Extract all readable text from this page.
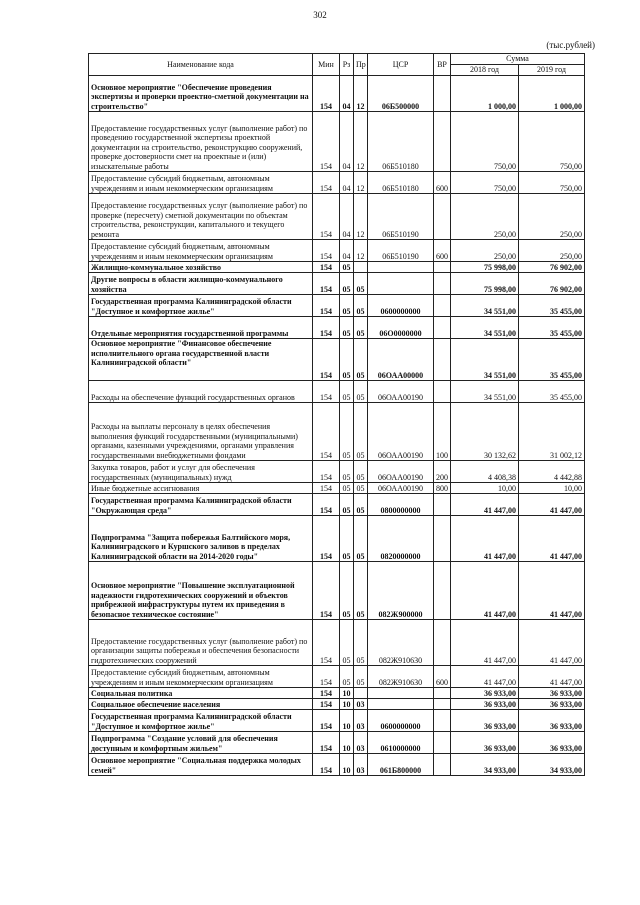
302
(тыс.рублей)
Наименование кода	Мин	Рз	Пр	ЦСР	ВР	Сумма	
						2018 год	2019 год
Основное мероприятие "Обеспечение проведения экспертизы и проверки проектно-сметной документации на строительство"	154	04	12	06Б500000		1 000,00	1 000,00
Предоставление государственных услуг (выполнение работ) по проведению государственной экспертизы проектной документации на строительство, реконструкцию сооружений, проверке достоверности смет на проектные и (или) изыскательные работы	154	04	12	06Б510180		750,00	750,00
Предоставление субсидий бюджетным, автономным учреждениям и иным некоммерческим организациям	154	04	12	06Б510180	600	750,00	750,00
Предоставление государственных услуг (выполнение работ) по проверке (пересчету) сметной документации по объектам строительства, реконструкции, капитального и текущего ремонта	154	04	12	06Б510190		250,00	250,00
Предоставление субсидий бюджетным, автономным учреждениям и иным некоммерческим организациям	154	04	12	06Б510190	600	250,00	250,00
Жилищно-коммунальное хозяйство	154	05				75 998,00	76 902,00
Другие вопросы в области жилищно-коммунального хозяйства	154	05	05			75 998,00	76 902,00
Государственная программа Калининградской области "Доступное и комфортное жилье"	154	05	05	0600000000		34 551,00	35 455,00
Отдельные мероприятия государственной программы	154	05	05	06О0000000		34 551,00	35 455,00
Основное мероприятие "Финансовое обеспечение исполнительного органа государственной власти Калининградской области"	154	05	05	06ОАА00000		34 551,00	35 455,00
Расходы на обеспечение функций государственных органов	154	05	05	06ОАА00190		34 551,00	35 455,00
Расходы на выплаты персоналу в целях обеспечения выполнения функций государственными (муниципальными) органами, казенными учреждениями, органами управления государственными внебюджетными фондами	154	05	05	06ОАА00190	100	30 132,62	31 002,12
Закупка товаров, работ и услуг для обеспечения государственных (муниципальных) нужд	154	05	05	06ОАА00190	200	4 408,38	4 442,88
Иные бюджетные ассигнования	154	05	05	06ОАА00190	800	10,00	10,00
Государственная программа Калининградской области "Окружающая среда"	154	05	05	0800000000		41 447,00	41 447,00
Подпрограмма "Защита побережья Балтийского моря, Калининградского и Куршского заливов в пределах Калининградской области на 2014-2020 годы"	154	05	05	0820000000		41 447,00	41 447,00
Основное мероприятие "Повышение эксплуатационной надежности гидротехнических сооружений и объектов прибрежной инфраструктуры путем их приведения в безопасное техническое состояние"	154	05	05	082Ж900000		41 447,00	41 447,00
Предоставление государственных услуг (выполнение работ) по организации защиты побережья и обеспечения безопасности гидротехнических сооружений	154	05	05	082Ж910630		41 447,00	41 447,00
Предоставление субсидий бюджетным, автономным учреждениям и иным некоммерческим организациям	154	05	05	082Ж910630	600	41 447,00	41 447,00
Социальная политика	154	10				36 933,00	36 933,00
Социальное обеспечение населения	154	10	03			36 933,00	36 933,00
Государственная программа Калининградской области "Доступное и комфортное жилье"	154	10	03	0600000000		36 933,00	36 933,00
Подпрограмма "Создание условий для обеспечения доступным и комфортным жильем"	154	10	03	0610000000		36 933,00	36 933,00
Основное мероприятие "Социальная поддержка молодых семей"	154	10	03	061Б800000		34 933,00	34 933,00
